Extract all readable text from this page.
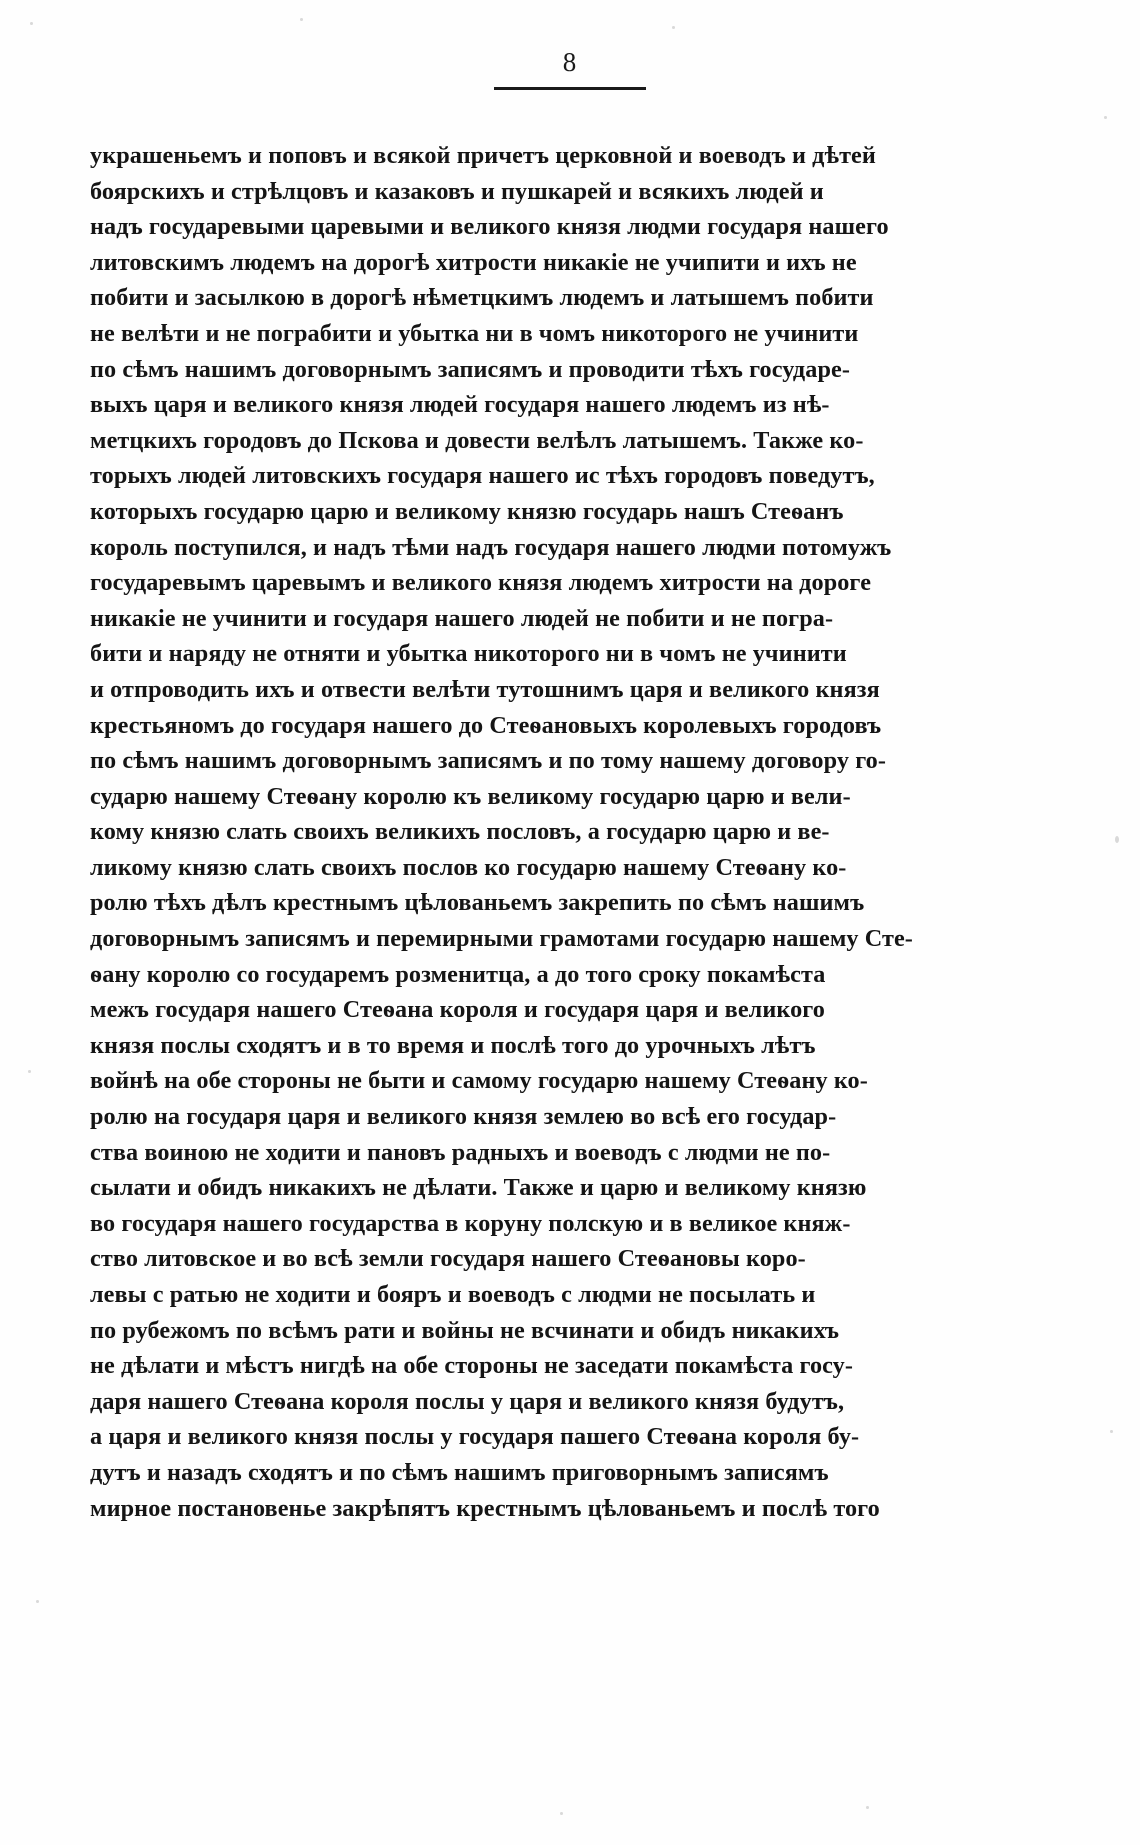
8

украшеньемъ и поповъ и всякой причетъ церковной и воеводъ и дѣтей
боярскихъ и стрѣлцовъ и казаковъ и пушкарей и всякихъ людей и
надъ государевыми царевыми и великого князя людми государя нашего
литовскимъ людемъ на дорогѣ хитрости никакіе не учипити и ихъ не
побити и засылкою в дорогѣ нѣметцкимъ людемъ и латышемъ побити
не велѣти и не пограбити и убытка ни в чомъ никоторого не учинити
по сѣмъ нашимъ договорнымъ записямъ и проводити тѣхъ государе-
выхъ царя и великого князя людей государя нашего людемъ из нѣ-
метцкихъ городовъ до Пскова и довести велѣлъ латышемъ. Также ко-
торыхъ людей литовскихъ государя нашего ис тѣхъ городовъ поведутъ,
которыхъ государю царю и великому князю государь нашъ Стеѳанъ
король поступился, и надъ тѣми надъ государя нашего людми потомужъ
государевымъ царевымъ и великого князя людемъ хитрости на дороге
никакіе не учинити и государя нашего людей не побити и не погра-
бити и наряду не отняти и убытка никоторого ни в чомъ не учинити
и отпроводить ихъ и отвести велѣти тутошнимъ царя и великого князя
крестьяномъ до государя нашего до Стеѳановыхъ королевыхъ городовъ
по сѣмъ нашимъ договорнымъ записямъ и по тому нашему договору го-
сударю нашему Стеѳану королю къ великому государю царю и вели-
кому князю слать своихъ великихъ пословъ, а государю царю и ве-
ликому князю слать своихъ послов ко государю нашему Стеѳану ко-
ролю тѣхъ дѣлъ крестнымъ цѣлованьемъ закрепить по сѣмъ нашимъ
договорнымъ записямъ и перемирными грамотами государю нашему Сте-
ѳану королю со государемъ розменитца, а до того сроку покамѣста
межъ государя нашего Стеѳана короля и государя царя и великого
князя послы сходятъ и в то время и послѣ того до урочныхъ лѣтъ
войнѣ на обе стороны не быти и самому государю нашему Стеѳану ко-
ролю на государя царя и великого князя землею во всѣ его государ-
ства воиною не ходити и пановъ радныхъ и воеводъ с людми не по-
сылати и обидъ никакихъ не дѣлати. Также и царю и великому князю
во государя нашего государства в коруну полскую и в великое княж-
ство литовское и во всѣ земли государя нашего Стеѳановы коро-
левы с ратью не ходити и бояръ и воеводъ с людми не посылать и
по рубежомъ по всѣмъ рати и войны не всчинати и обидъ никакихъ
не дѣлати и мѣстъ нигдѣ на обе стороны не заседати покамѣста госу-
даря нашего Стеѳана короля послы у царя и великого князя будутъ,
а царя и великого князя послы у государя пашего Стеѳана короля бу-
дутъ и назадъ сходятъ и по сѣмъ нашимъ приговорнымъ записямъ
мирное постановенье закрѣпятъ крестнымъ цѣлованьемъ и послѣ того
